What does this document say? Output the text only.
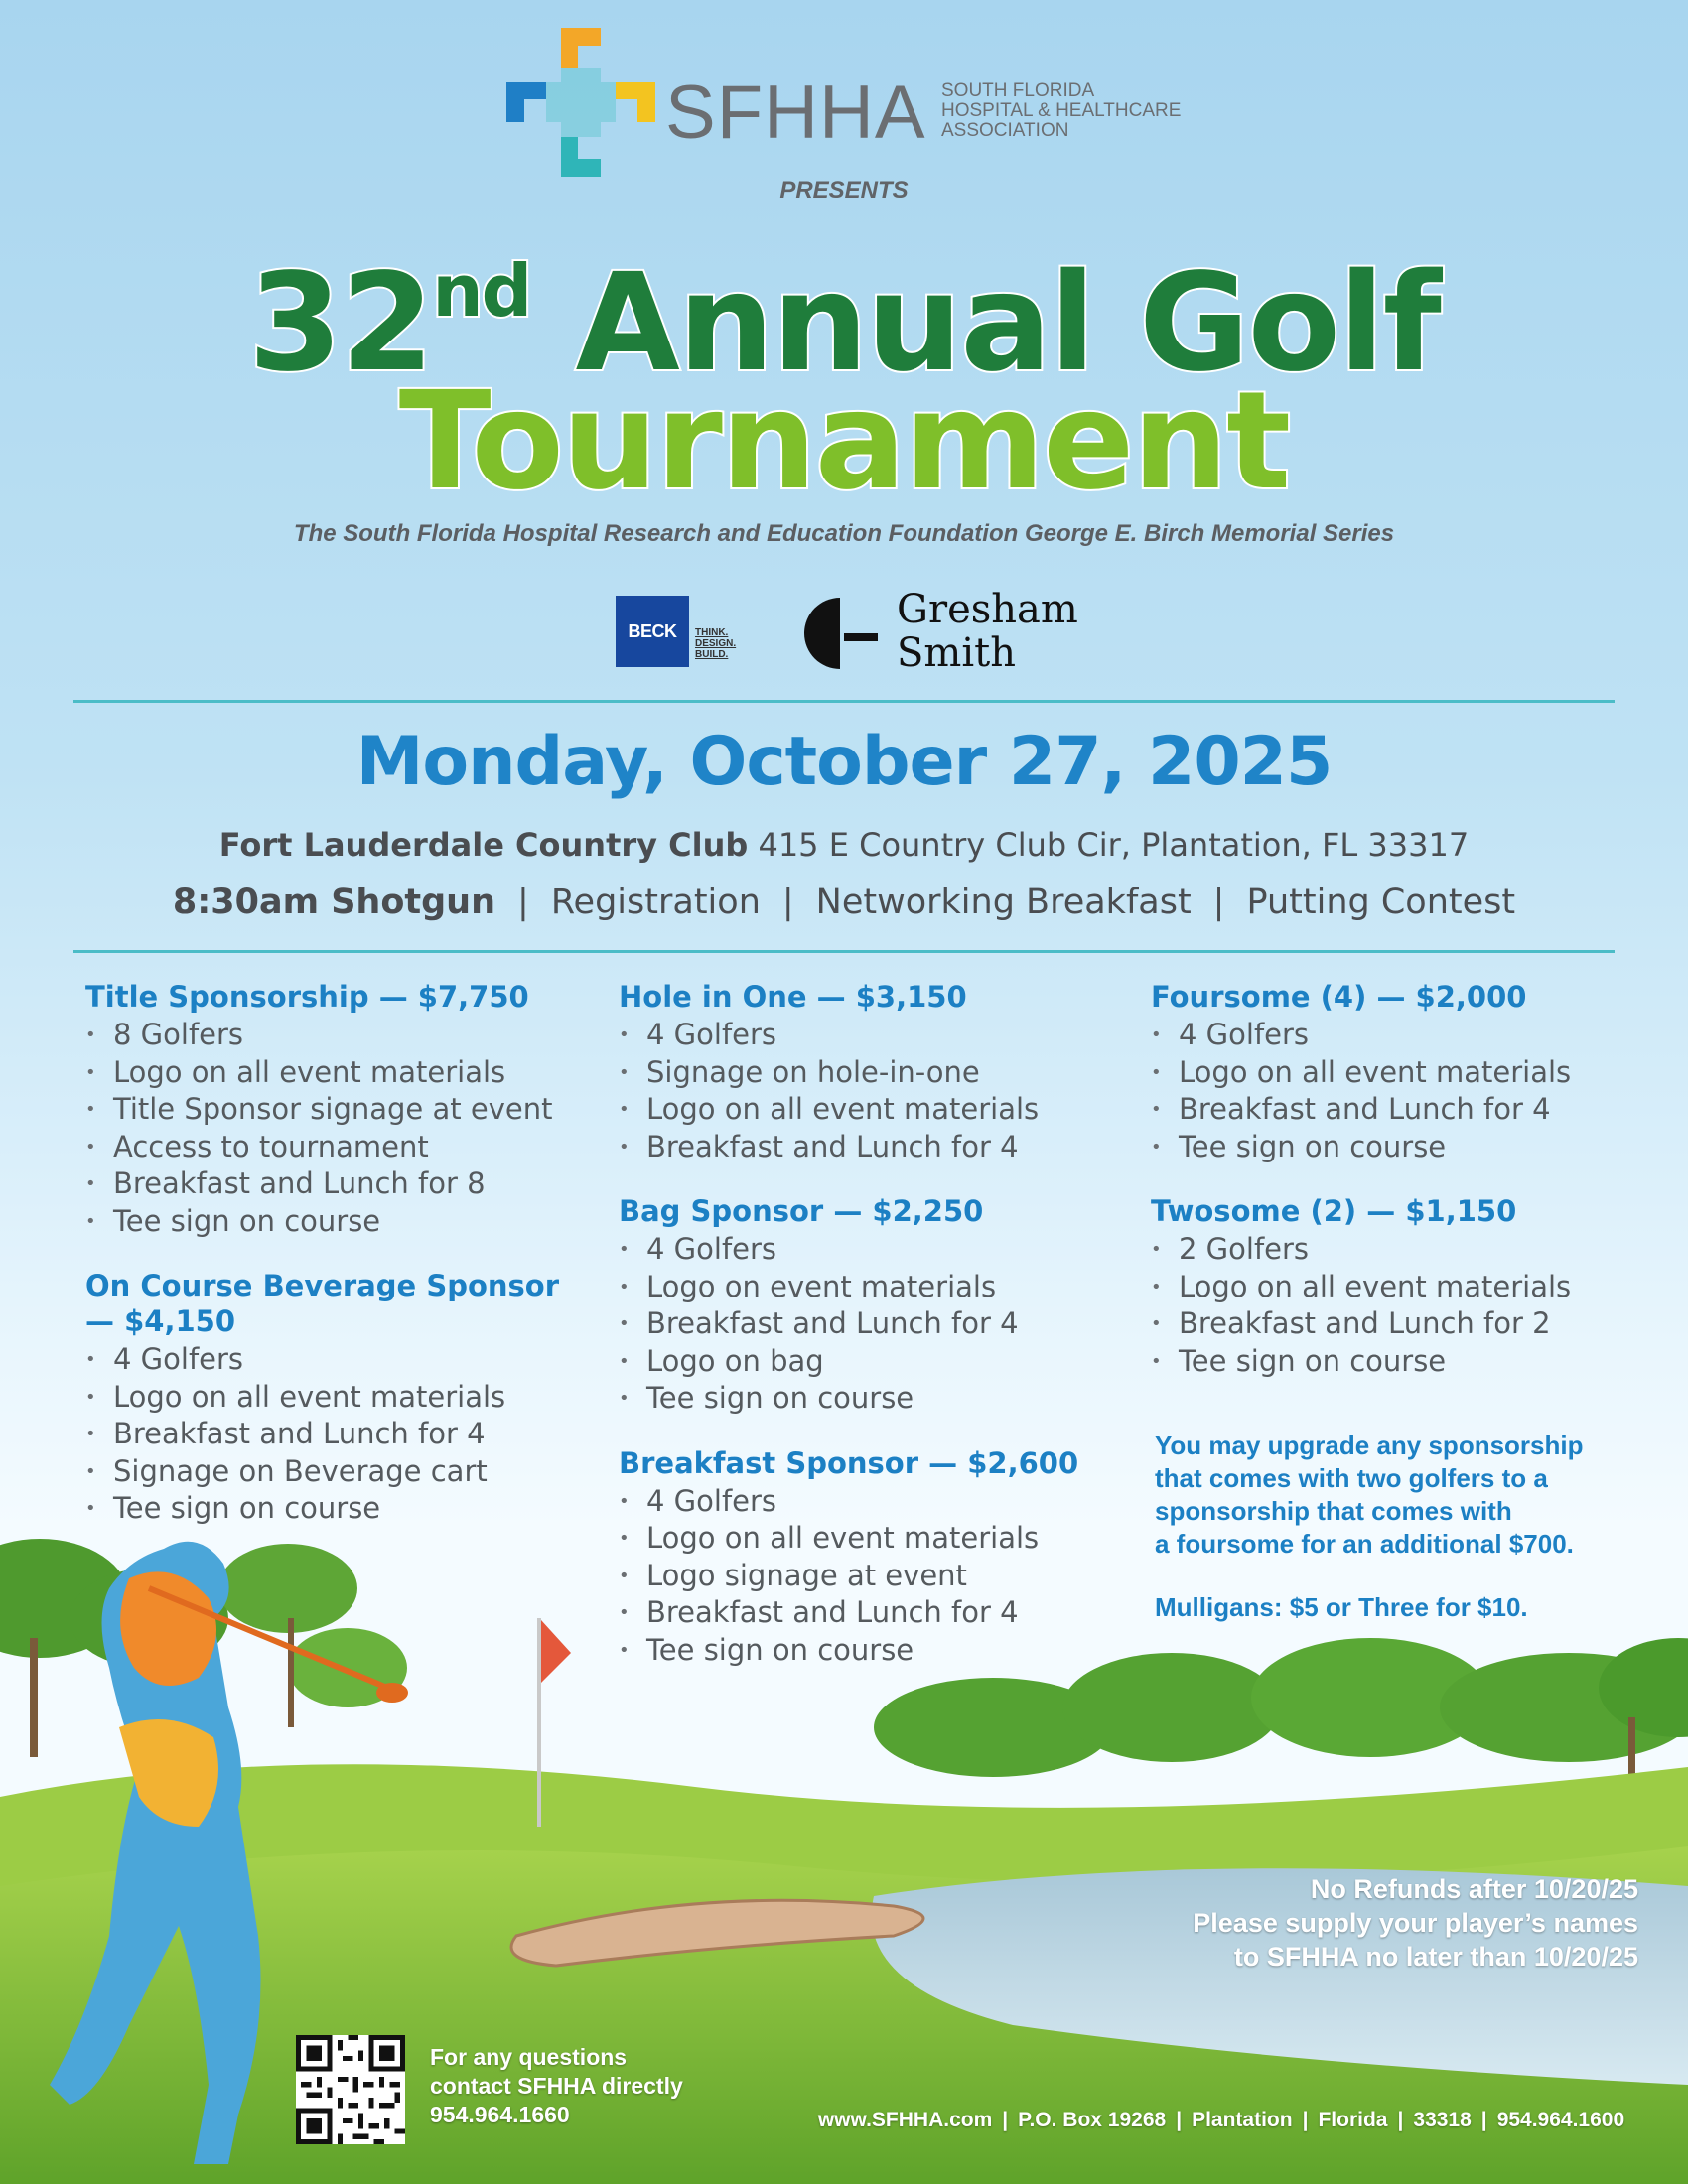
SFHHA SOUTH FLORIDA
HOSPITAL & HEALTHCARE
ASSOCIATION
PRESENTS
32nd Annual Golf
Tournament
The South Florida Hospital Research and Education Foundation George E. Birch Memorial Series
BECK	THINK.
DESIGN.
BUILD.
Gresham
Smith
Monday, October 27, 2025
Fort Lauderdale Country Club 415 E Country Club Cir, Plantation, FL 33317
8:30am Shotgun | Registration | Networking Breakfast | Putting Contest
Title Sponsorship — $7,750
• 8 Golfers
• Logo on all event materials
• Title Sponsor signage at event
• Access to tournament
• Breakfast and Lunch for 8
• Tee sign on course
On Course Beverage Sponsor
— $4,150
• 4 Golfers
• Logo on all event materials
• Breakfast and Lunch for 4
• Signage on Beverage cart
• Tee sign on course
Hole in One — $3,150
• 4 Golfers
• Signage on hole-in-one
• Logo on all event materials
• Breakfast and Lunch for 4
Bag Sponsor — $2,250
• 4 Golfers
• Logo on event materials
• Breakfast and Lunch for 4
• Logo on bag
• Tee sign on course
Breakfast Sponsor — $2,600
• 4 Golfers
• Logo on all event materials
• Logo signage at event
• Breakfast and Lunch for 4
• Tee sign on course
Foursome (4) — $2,000
• 4 Golfers
• Logo on all event materials
• Breakfast and Lunch for 4
• Tee sign on course
Twosome (2) — $1,150
• 2 Golfers
• Logo on all event materials
• Breakfast and Lunch for 2
• Tee sign on course
You may upgrade any sponsorship
that comes with two golfers to a
sponsorship that comes with
a foursome for an additional $700.
Mulligans: $5 or Three for $10.
No Refunds after 10/20/25
Please supply your player’s names
to SFHHA no later than 10/20/25
For any questions
contact SFHHA directly
954.964.1660	www.SFHHA.com | P.O. Box 19268 | Plantation | Florida | 33318 | 954.964.1600
